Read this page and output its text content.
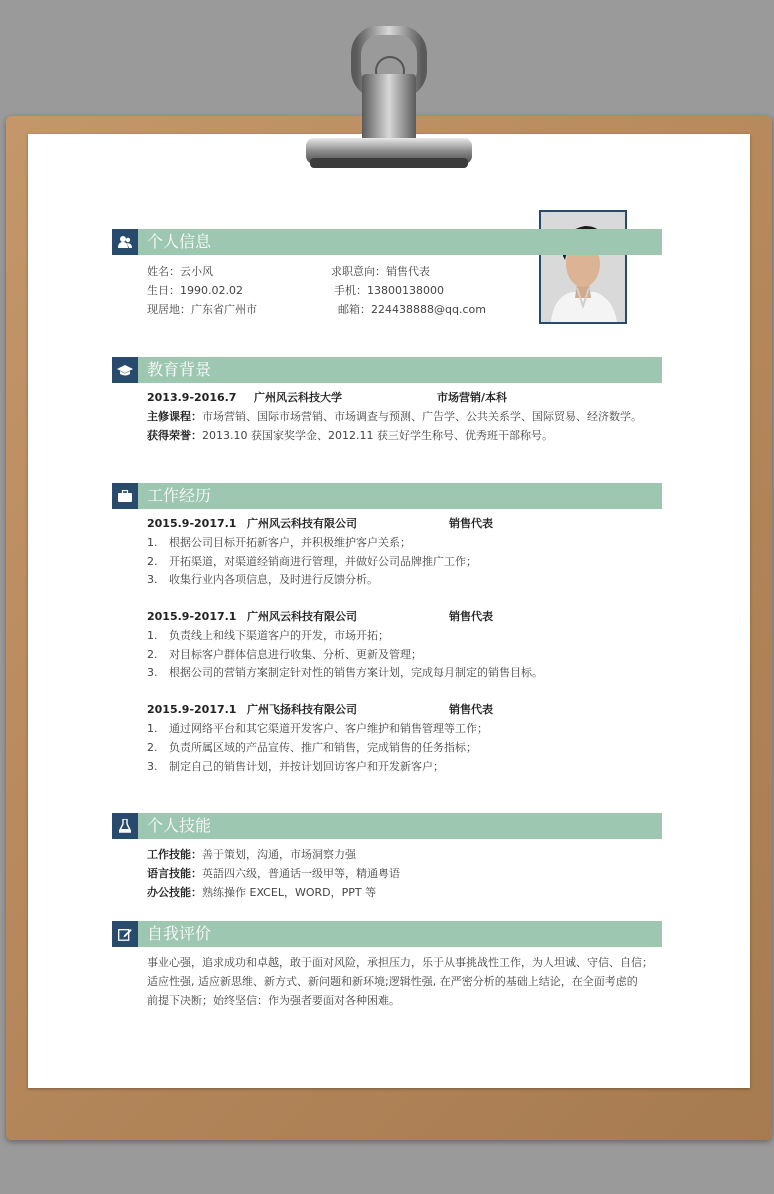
个人信息
姓名：云小风	求职意向：销售代表
生日：1990.02.02	手机：13800138000
现居地：广东省广州市	邮箱：224438888@qq.com
教育背景
2013.9-2016.7 广州风云科技大学	市场营销/本科
主修课程：市场营销、国际市场营销、市场调查与预测、广告学、公共关系学、国际贸易、经济数学。
获得荣誉：2013.10 获国家奖学金、2012.11 获三好学生称号、优秀班干部称号。
工作经历
2015.9-2017.1 广州风云科技有限公司	销售代表
1. 根据公司目标开拓新客户，并积极维护客户关系；
2. 开拓渠道，对渠道经销商进行管理，并做好公司品牌推广工作；
3. 收集行业内各项信息，及时进行反馈分析。
2015.9-2017.1 广州风云科技有限公司	销售代表
1. 负责线上和线下渠道客户的开发，市场开拓；
2. 对目标客户群体信息进行收集、分析、更新及管理；
3. 根据公司的营销方案制定针对性的销售方案计划，完成每月制定的销售目标。
2015.9-2017.1 广州飞扬科技有限公司	销售代表
1. 通过网络平台和其它渠道开发客户、客户维护和销售管理等工作；
2. 负责所属区域的产品宣传、推广和销售，完成销售的任务指标；
3. 制定自己的销售计划，并按计划回访客户和开发新客户；
个人技能
工作技能：善于策划，沟通，市场洞察力强
语言技能：英語四六级，普通话一级甲等，精通粤语
办公技能：熟练操作 EXCEL，WORD，PPT 等
自我评价
事业心强，追求成功和卓越，敢于面对风险，承担压力，乐于从事挑战性工作，为人坦诚、守信、自信；
适应性强, 适应新思维、新方式、新问题和新环境;逻辑性强, 在严密分析的基础上结论，在全面考虑的
前提下决断；始终坚信：作为强者要面对各种困难。
